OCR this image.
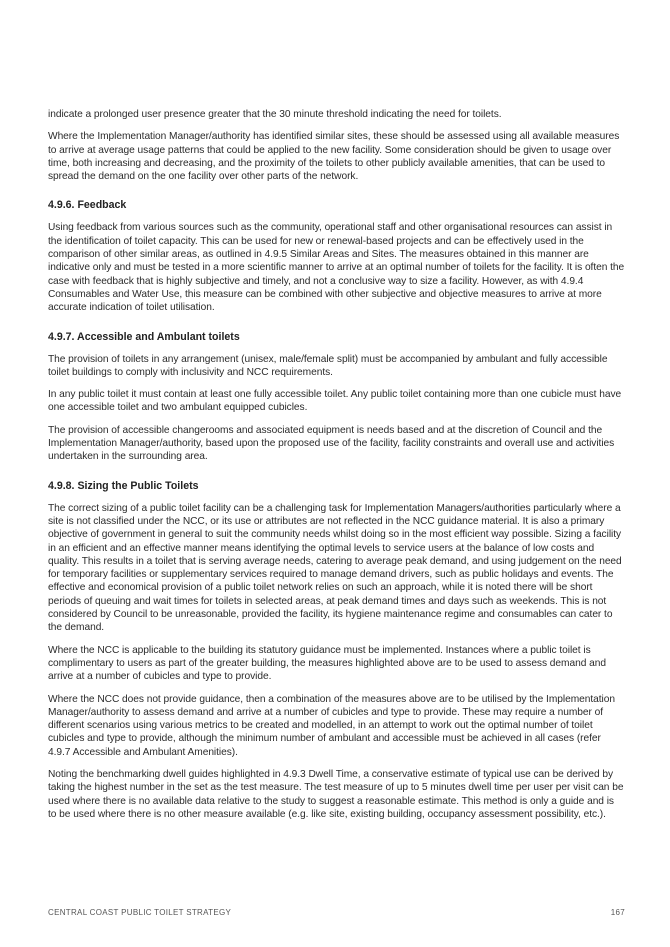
indicate a prolonged user presence greater that the 30 minute threshold indicating the need for toilets.

Where the Implementation Manager/authority has identified similar sites, these should be assessed using all available measures to arrive at average usage patterns that could be applied to the new facility. Some consideration should be given to usage over time, both increasing and decreasing, and the proximity of the toilets to other publicly available amenities, that can be used to spread the demand on the one facility over other parts of the network.

4.9.6. Feedback

Using feedback from various sources such as the community, operational staff and other organisational resources can assist in the identification of toilet capacity. This can be used for new or renewal-based projects and can be effectively used in the comparison of other similar areas, as outlined in 4.9.5 Similar Areas and Sites. The measures obtained in this manner are indicative only and must be tested in a more scientific manner to arrive at an optimal number of toilets for the facility. It is often the case with feedback that is highly subjective and timely, and not a conclusive way to size a facility. However, as with 4.9.4 Consumables and Water Use, this measure can be combined with other subjective and objective measures to arrive at more accurate indication of toilet utilisation.

4.9.7. Accessible and Ambulant toilets

The provision of toilets in any arrangement (unisex, male/female split) must be accompanied by ambulant and fully accessible toilet buildings to comply with inclusivity and NCC requirements.

In any public toilet it must contain at least one fully accessible toilet. Any public toilet containing more than one cubicle must have one accessible toilet and two ambulant equipped cubicles.

The provision of accessible changerooms and associated equipment is needs based and at the discretion of Council and the Implementation Manager/authority, based upon the proposed use of the facility, facility constraints and overall use and activities undertaken in the surrounding area.

4.9.8. Sizing the Public Toilets

The correct sizing of a public toilet facility can be a challenging task for Implementation Managers/authorities particularly where a site is not classified under the NCC, or its use or attributes are not reflected in the NCC guidance material. It is also a primary objective of government in general to suit the community needs whilst doing so in the most efficient way possible. Sizing a facility in an efficient and an effective manner means identifying the optimal levels to service users at the balance of low costs and quality. This results in a toilet that is serving average needs, catering to average peak demand, and using judgement on the need for temporary facilities or supplementary services required to manage demand drivers, such as public holidays and events. The effective and economical provision of a public toilet network relies on such an approach, while it is noted there will be short periods of queuing and wait times for toilets in selected areas, at peak demand times and days such as weekends. This is not considered by Council to be unreasonable, provided the facility, its hygiene maintenance regime and consumables can cater to the demand.

Where the NCC is applicable to the building its statutory guidance must be implemented. Instances where a public toilet is complimentary to users as part of the greater building, the measures highlighted above are to be used to assess demand and arrive at a number of cubicles and type to provide.

Where the NCC does not provide guidance, then a combination of the measures above are to be utilised by the Implementation Manager/authority to assess demand and arrive at a number of cubicles and type to provide. These may require a number of different scenarios using various metrics to be created and modelled, in an attempt to work out the optimal number of toilet cubicles and type to provide, although the minimum number of ambulant and accessible must be achieved in all cases (refer 4.9.7 Accessible and Ambulant Amenities).

Noting the benchmarking dwell guides highlighted in 4.9.3 Dwell Time, a conservative estimate of typical use can be derived by taking the highest number in the set as the test measure. The test measure of up to 5 minutes dwell time per user per visit can be used where there is no available data relative to the study to suggest a reasonable estimate. This method is only a guide and is to be used where there is no other measure available (e.g. like site, existing building, occupancy assessment possibility, etc.).

CENTRAL COAST PUBLIC TOILET STRATEGY	167
